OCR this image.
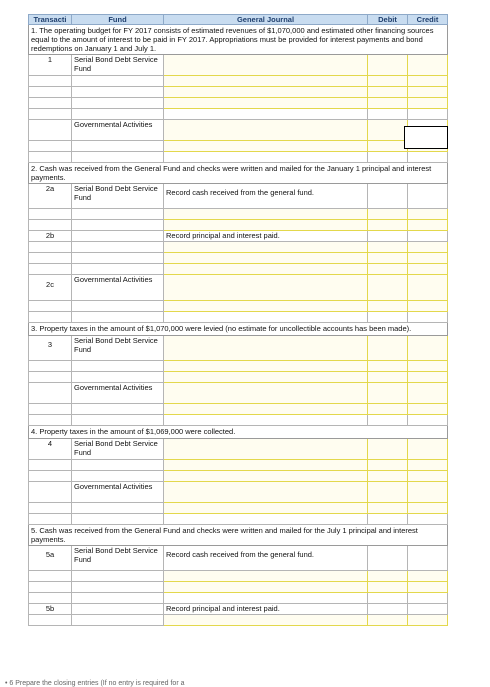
Transacti	Fund	General Journal	Debit	Credit
1. The operating budget for FY 2017 consists of estimated revenues of $1,070,000 and estimated other financing sources equal to the amount of interest to be paid in FY 2017. Appropriations must be provided for interest payments and bond redemptions on January 1 and July 1.				
1	Serial Bond Debt Service Fund			

	Governmental Activities			

2. Cash was received from the General Fund and checks were written and mailed for the January 1 principal and interest payments.				
2a	Serial Bond Debt Service Fund	Record cash received from the general fund.		

2b		Record principal and interest paid.		

2c	Governmental Activities			

3. Property taxes in the amount of $1,070,000 were levied (no estimate for uncollectible accounts has been made).				
3	Serial Bond Debt Service Fund			

	Governmental Activities			

4. Property taxes in the amount of $1,069,000 were collected.				
4	Serial Bond Debt Service Fund			

	Governmental Activities			

5. Cash was received from the General Fund and checks were written and mailed for the July 1 principal and interest payments.				
5a	Serial Bond Debt Service Fund	Record cash received from the general fund.		

5b		Record principal and interest paid.		

• 6 Prepare the closing entries (If no entry is required for a
